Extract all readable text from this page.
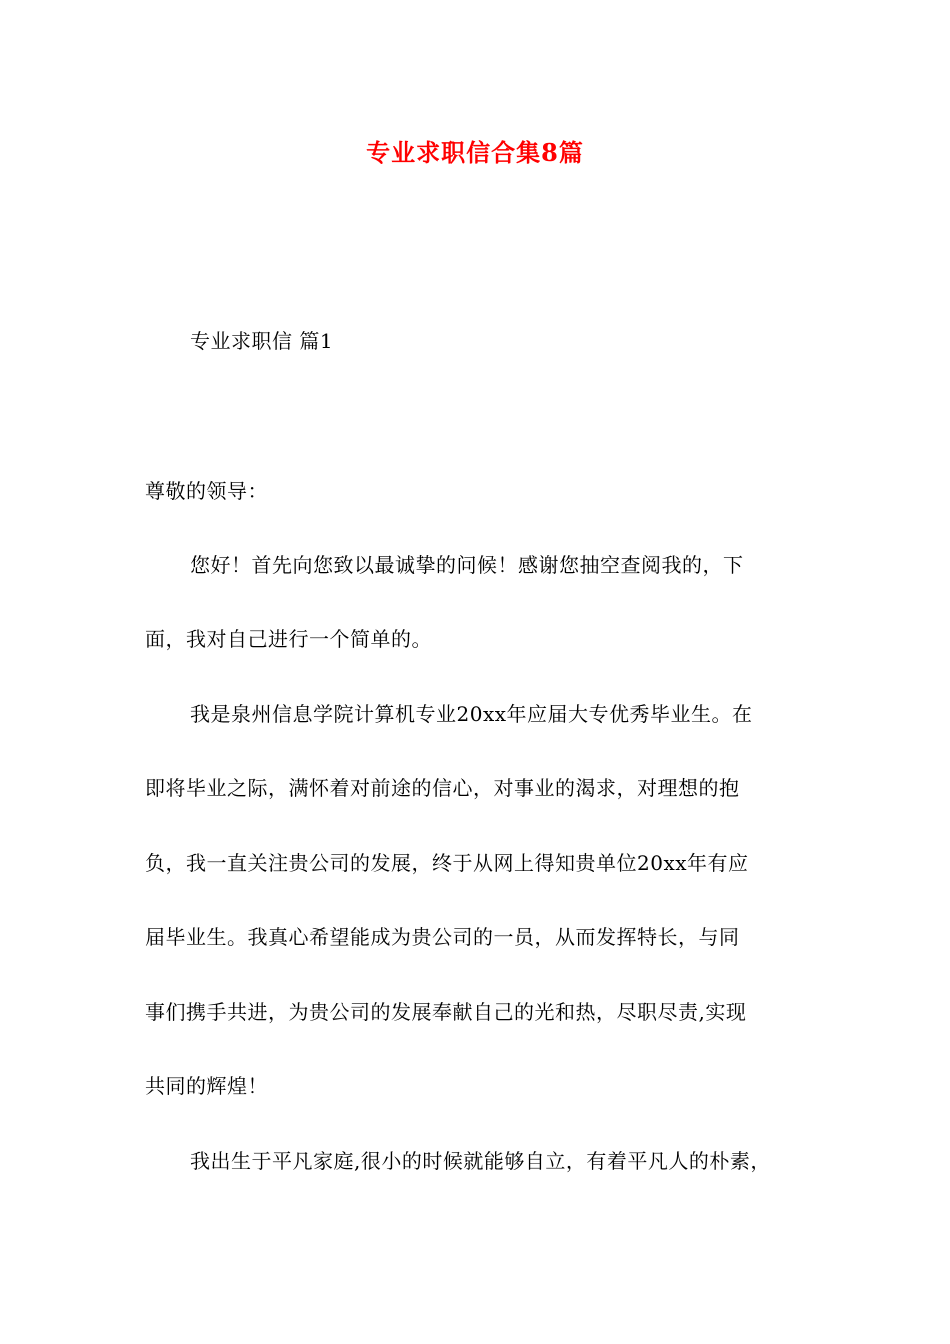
专业求职信合集8篇
专业求职信 篇1
尊敬的领导：
您好！首先向您致以最诚挚的问候！感谢您抽空查阅我的，下
面，我对自己进行一个简单的。
我是泉州信息学院计算机专业20xx年应届大专优秀毕业生。在
即将毕业之际，满怀着对前途的信心，对事业的渴求，对理想的抱
负，我一直关注贵公司的发展，终于从网上得知贵单位20xx年有应
届毕业生。我真心希望能成为贵公司的一员，从而发挥特长，与同
事们携手共进，为贵公司的发展奉献自己的光和热，尽职尽责,实现
共同的辉煌！
我出生于平凡家庭,很小的时候就能够自立，有着平凡人的朴素，
